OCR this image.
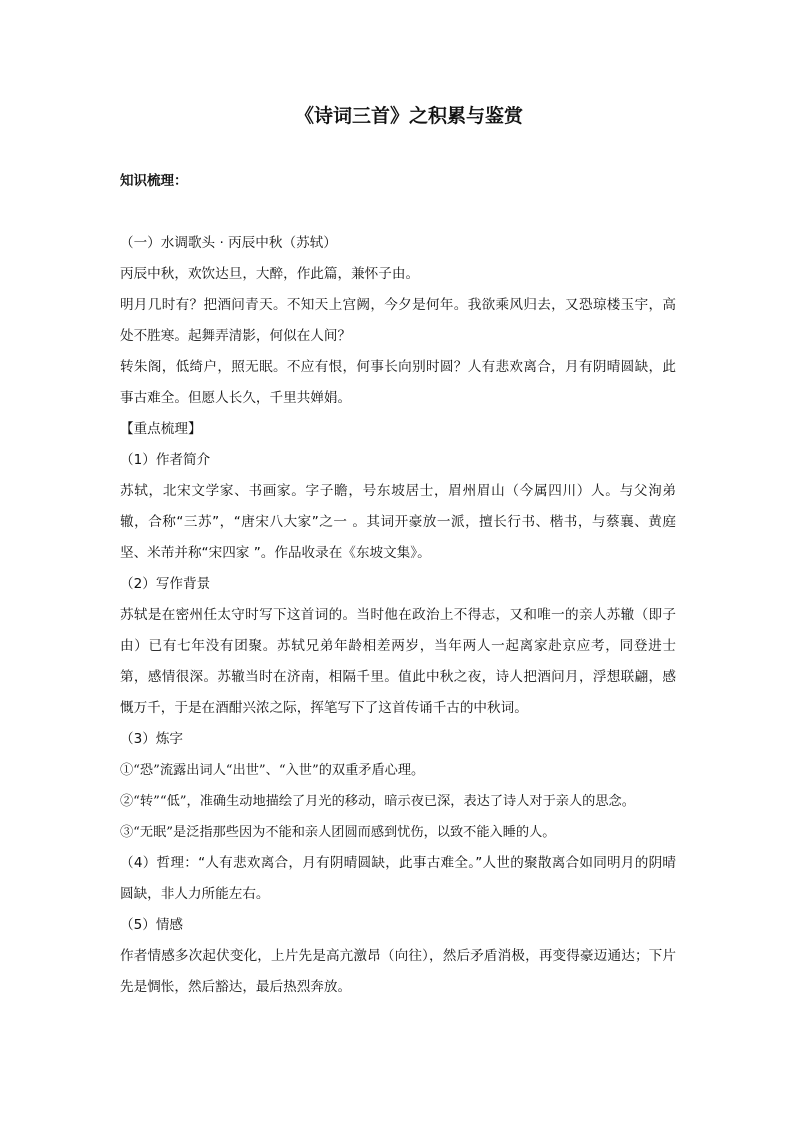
《诗词三首》之积累与鉴赏
知识梳理：

（一）水调歌头 · 丙辰中秋（苏轼）

丙辰中秋，欢饮达旦，大醉，作此篇，兼怀子由。

明月几时有？把酒问青天。不知天上宫阙，今夕是何年。我欲乘风归去，又恐琼楼玉宇，高处不胜寒。起舞弄清影，何似在人间？

转朱阁，低绮户，照无眠。不应有恨，何事长向别时圆？人有悲欢离合，月有阴晴圆缺，此事古难全。但愿人长久，千里共婵娟。

【重点梳理】

（1）作者简介

苏轼，北宋文学家、书画家。字子瞻，号东坡居士，眉州眉山（今属四川）人。与父洵弟辙，合称“三苏”，“唐宋八大家”之一 。其词开豪放一派，擅长行书、楷书，与蔡襄、黄庭坚、米芾并称“宋四家 ”。作品收录在《东坡文集》。

（2）写作背景

苏轼是在密州任太守时写下这首词的。当时他在政治上不得志，又和唯一的亲人苏辙（即子由）已有七年没有团聚。苏轼兄弟年龄相差两岁，当年两人一起离家赴京应考，同登进士第，感情很深。苏辙当时在济南，相隔千里。值此中秋之夜，诗人把酒问月，浮想联翩，感慨万千，于是在酒酣兴浓之际，挥笔写下了这首传诵千古的中秋词。

（3）炼字

①“恐”流露出词人“出世”、“入世”的双重矛盾心理。

②“转”“低”，准确生动地描绘了月光的移动，暗示夜已深，表达了诗人对于亲人的思念。

③“无眠”是泛指那些因为不能和亲人团圆而感到忧伤，以致不能入睡的人。

（4）哲理：“人有悲欢离合，月有阴晴圆缺，此事古难全。”人世的聚散离合如同明月的阴晴圆缺，非人力所能左右。

（5）情感

作者情感多次起伏变化，上片先是高亢激昂（向往），然后矛盾消极，再变得豪迈通达；下片先是惆怅，然后豁达，最后热烈奔放。
